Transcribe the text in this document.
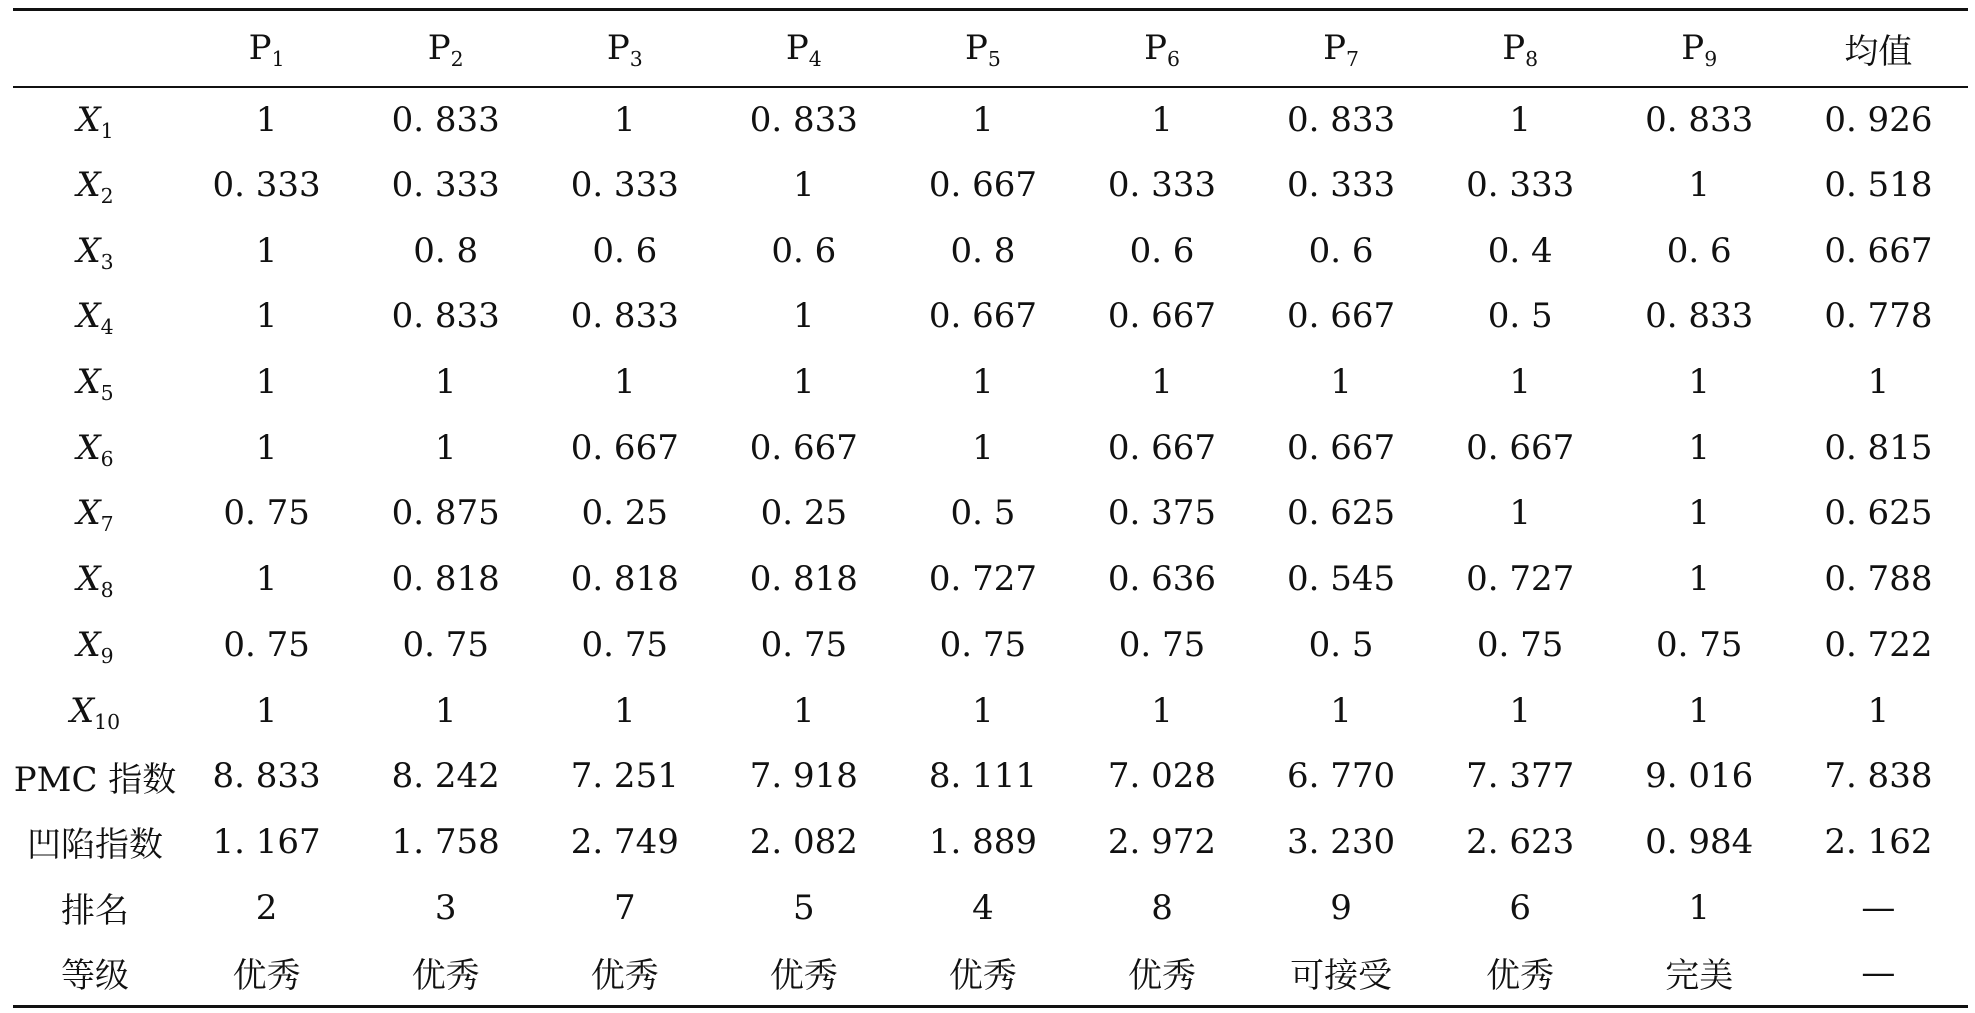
	$P_1$	$P_2$	$P_3$	$P_4$	$P_5$	$P_6$	$P_7$	$P_8$	$P_9$	均值
$X_1$	1	0. 833	1	0. 833	1	1	0. 833	1	0. 833	0. 926
$X_2$	0. 333	0. 333	0. 333	1	0. 667	0. 333	0. 333	0. 333	1	0. 518
$X_3$	1	0. 8	0. 6	0. 6	0. 8	0. 6	0. 6	0. 4	0. 6	0. 667
$X_4$	1	0. 833	0. 833	1	0. 667	0. 667	0. 667	0. 5	0. 833	0. 778
$X_5$	1	1	1	1	1	1	1	1	1	1
$X_6$	1	1	0. 667	0. 667	1	0. 667	0. 667	0. 667	1	0. 815
$X_7$	0. 75	0. 875	0. 25	0. 25	0. 5	0. 375	0. 625	1	1	0. 625
$X_8$	1	0. 818	0. 818	0. 818	0. 727	0. 636	0. 545	0. 727	1	0. 788
$X_9$	0. 75	0. 75	0. 75	0. 75	0. 75	0. 75	0. 5	0. 75	0. 75	0. 722
$X_{10}$	1	1	1	1	1	1	1	1	1	1
PMC 指数	8. 833	8. 242	7. 251	7. 918	8. 111	7. 028	6. 770	7. 377	9. 016	7. 838
凹陷指数	1. 167	1. 758	2. 749	2. 082	1. 889	2. 972	3. 230	2. 623	0. 984	2. 162
排名	2	3	7	5	4	8	9	6	1	—
等级	优秀	优秀	优秀	优秀	优秀	优秀	可接受	优秀	完美	—
